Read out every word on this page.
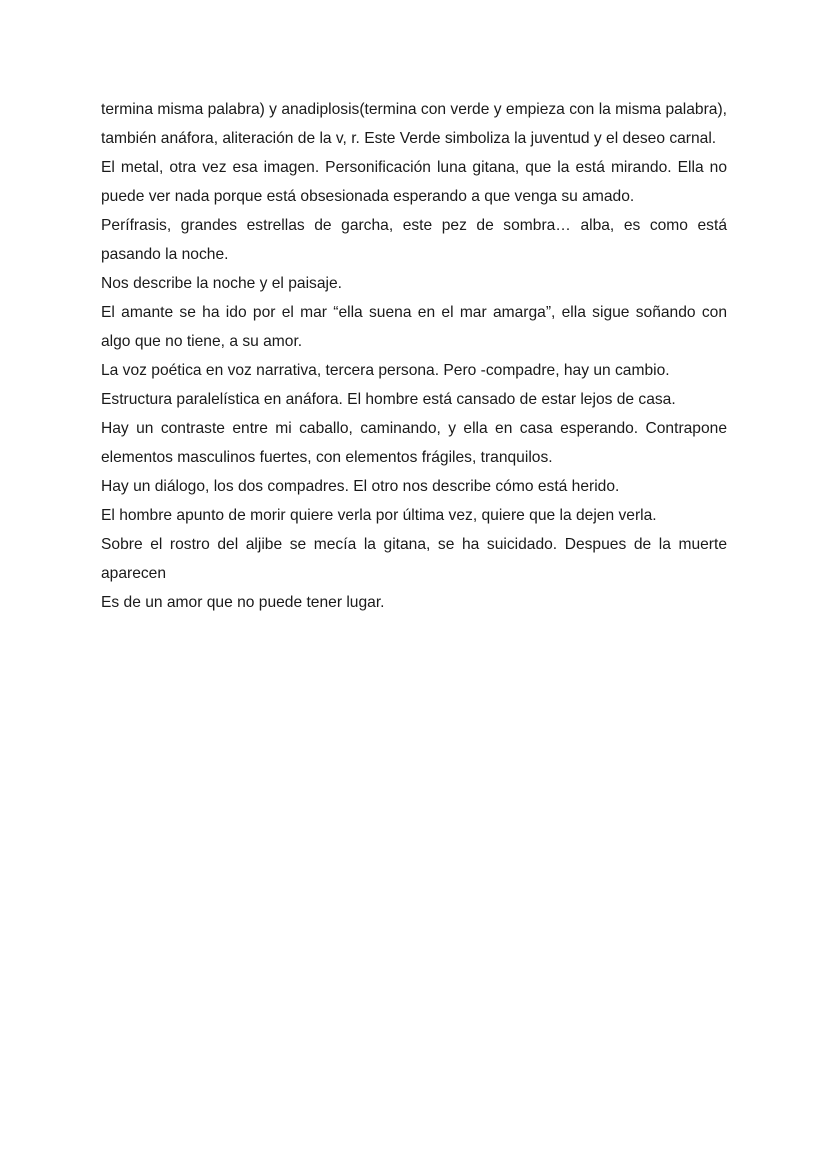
termina misma palabra) y anadiplosis(termina con verde y empieza con la misma palabra), también anáfora, aliteración de la v, r. Este Verde simboliza la juventud y el deseo carnal.

El metal, otra vez esa imagen. Personificación luna gitana, que la está mirando. Ella no puede ver nada porque está obsesionada esperando a que venga su amado.

Perífrasis, grandes estrellas de garcha, este pez de sombra… alba, es como está pasando la noche.

Nos describe la noche y el paisaje.

El amante se ha ido por el mar “ella suena en el mar amarga”, ella sigue soñando con algo que no tiene, a su amor.

La voz poética en voz narrativa, tercera persona. Pero -compadre, hay un cambio.

Estructura paralelística en anáfora. El hombre está cansado de estar lejos de casa.

Hay un contraste entre mi caballo, caminando, y ella en casa esperando. Contrapone elementos masculinos fuertes, con elementos frágiles, tranquilos.

Hay un diálogo, los dos compadres. El otro nos describe cómo está herido.

El hombre apunto de morir quiere verla por última vez, quiere que la dejen verla.

Sobre el rostro del aljibe se mecía la gitana, se ha suicidado. Despues de la muerte aparecen

Es de un amor que no puede tener lugar.
